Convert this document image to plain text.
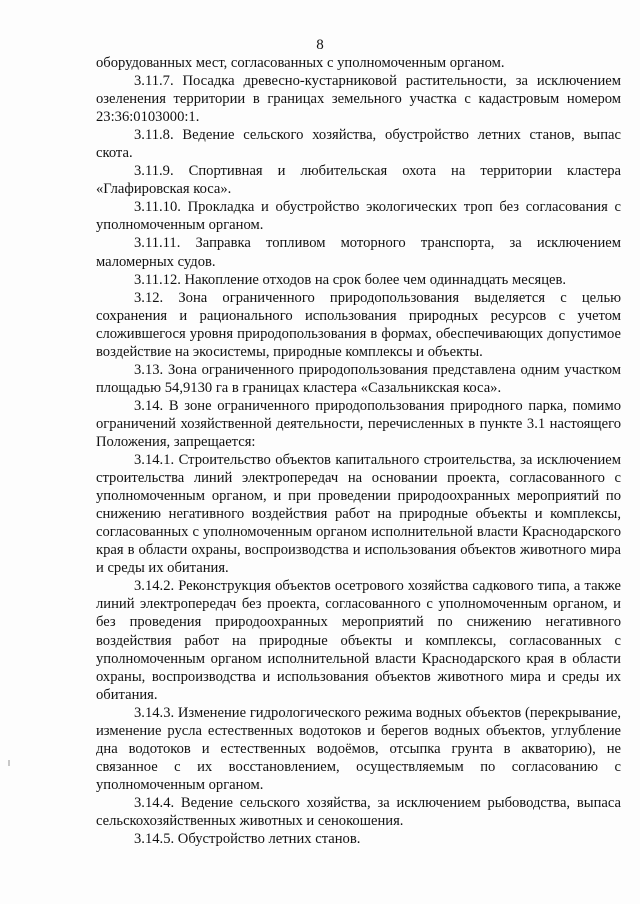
8

оборудованных мест, согласованных с уполномоченным органом.

3.11.7. Посадка древесно-кустарниковой растительности, за исключением озеленения территории в границах земельного участка с кадастровым номером 23:36:0103000:1.

3.11.8. Ведение сельского хозяйства, обустройство летних станов, выпас скота.

3.11.9. Спортивная и любительская охота на территории кластера «Глафировская коса».

3.11.10. Прокладка и обустройство экологических троп без согласования с уполномоченным органом.

3.11.11. Заправка топливом моторного транспорта, за исключением маломерных судов.

3.11.12. Накопление отходов на срок более чем одиннадцать месяцев.

3.12. Зона ограниченного природопользования выделяется с целью сохранения и рационального использования природных ресурсов с учетом сложившегося уровня природопользования в формах, обеспечивающих допустимое воздействие на экосистемы, природные комплексы и объекты.

3.13. Зона ограниченного природопользования представлена одним участком площадью 54,9130 га в границах кластера «Сазальникская коса».

3.14. В зоне ограниченного природопользования природного парка, помимо ограничений хозяйственной деятельности, перечисленных в пункте 3.1 настоящего Положения, запрещается:

3.14.1. Строительство объектов капитального строительства, за исключением строительства линий электропередач на основании проекта, согласованного с уполномоченным органом, и при проведении природоохранных мероприятий по снижению негативного воздействия работ на природные объекты и комплексы, согласованных с уполномоченным органом исполнительной власти Краснодарского края в области охраны, воспроизводства и использования объектов животного мира и среды их обитания.

3.14.2. Реконструкция объектов осетрового хозяйства садкового типа, а также линий электропередач без проекта, согласованного с уполномоченным органом, и без проведения природоохранных мероприятий по снижению негативного воздействия работ на природные объекты и комплексы, согласованных с уполномоченным органом исполнительной власти Краснодарского края в области охраны, воспроизводства и использования объектов животного мира и среды их обитания.

3.14.3. Изменение гидрологического режима водных объектов (перекрывание, изменение русла естественных водотоков и берегов водных объектов, углубление дна водотоков и естественных водоёмов, отсыпка грунта в акваторию), не связанное с их восстановлением, осуществляемым по согласованию с уполномоченным органом.

3.14.4. Ведение сельского хозяйства, за исключением рыбоводства, выпаса сельскохозяйственных животных и сенокошения.

3.14.5. Обустройство летних станов.
